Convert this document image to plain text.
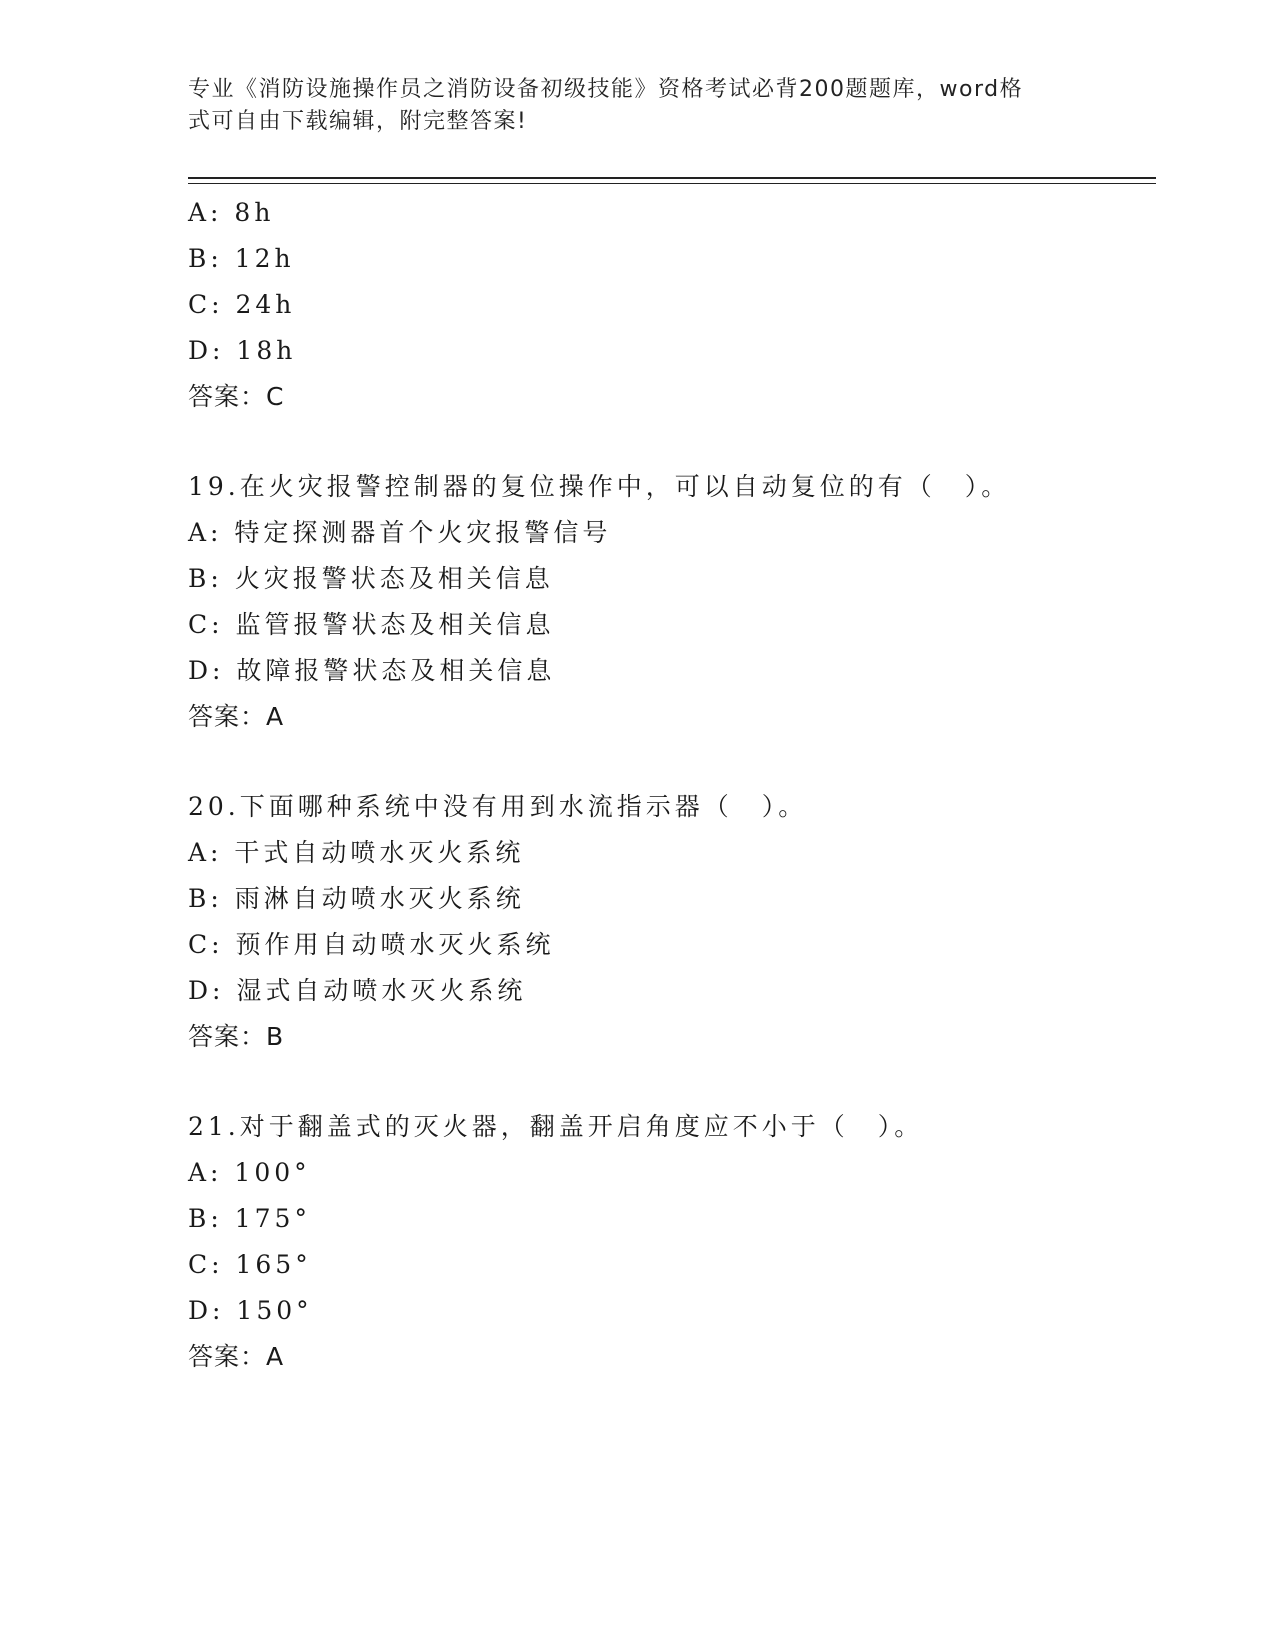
专业《消防设施操作员之消防设备初级技能》资格考试必背200题题库，word格
式可自由下载编辑，附完整答案!
A: 8h
B: 12h
C: 24h
D: 18h
答案：C
19.在火灾报警控制器的复位操作中，可以自动复位的有（　）。
A: 特定探测器首个火灾报警信号
B: 火灾报警状态及相关信息
C: 监管报警状态及相关信息
D: 故障报警状态及相关信息
答案：A
20.下面哪种系统中没有用到水流指示器（　）。
A: 干式自动喷水灭火系统
B: 雨淋自动喷水灭火系统
C: 预作用自动喷水灭火系统
D: 湿式自动喷水灭火系统
答案：B
21.对于翻盖式的灭火器，翻盖开启角度应不小于（　）。
A: 100°
B: 175°
C: 165°
D: 150°
答案：A
